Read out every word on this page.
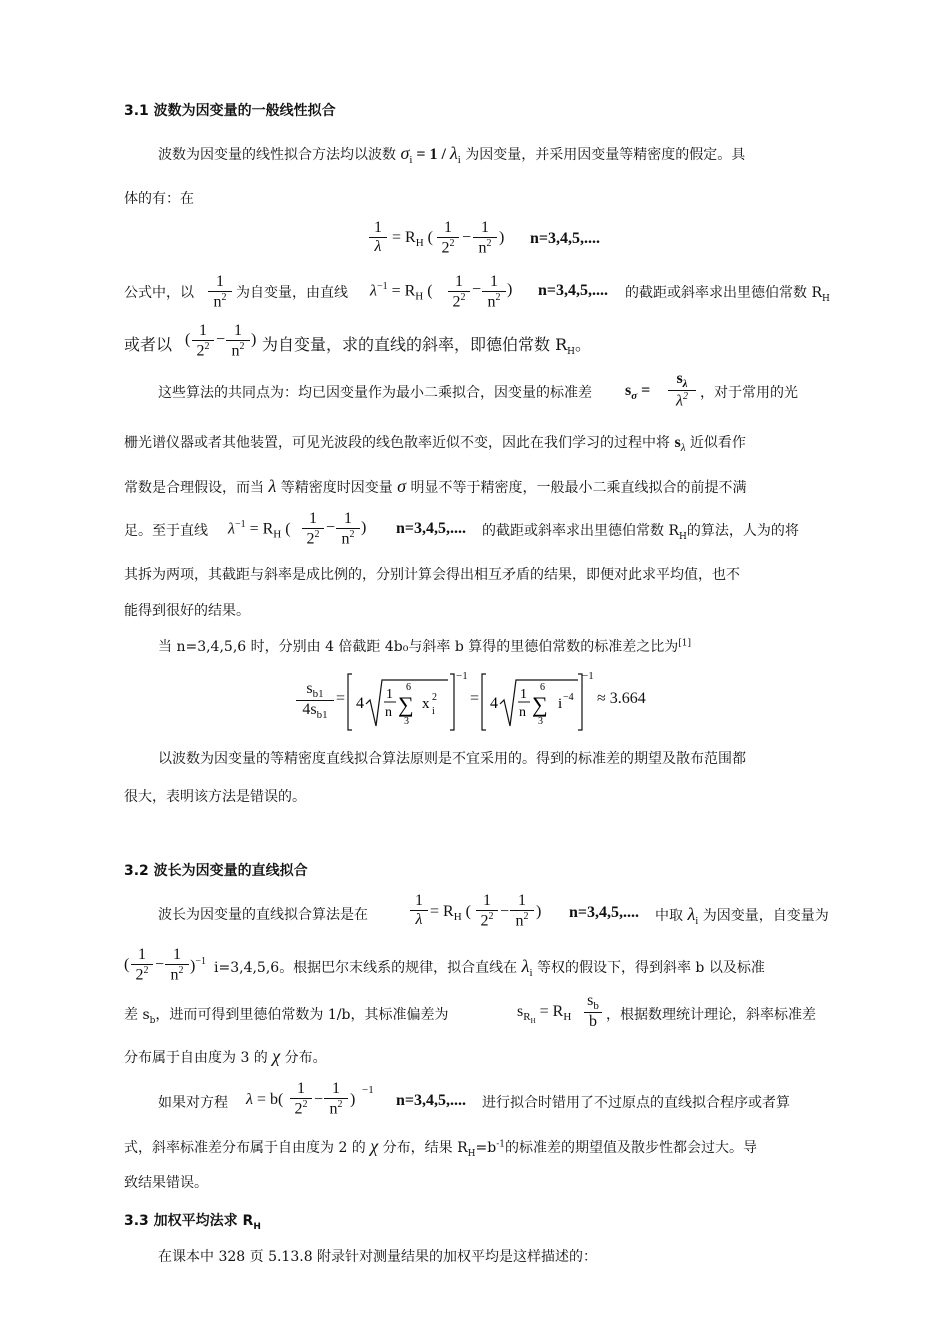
3.1 波数为因变量的一般线性拟合
波数为因变量的线性拟合方法均以波数 $\sigma_i = 1 / \lambda_i$ 为因变量，并采用因变量等精密度的假定。具
体的有：在
$\frac{1}{\lambda} = R_H$ ( $\frac{1}{2^2} - \frac{1}{n^2}$ ) n=3,4,5,....
公式中，以 $\frac{1}{n^2}$ 为自变量，由直线 $\lambda^{-1} = R_H$ ( $\frac{1}{2^2} - \frac{1}{n^2}$ ) n=3,4,5,.... 的截距或斜率求出里德伯常数 $R_H$
或者以 ( $\frac{1}{2^2} - \frac{1}{n^2}$ ) 为自变量，求的直线的斜率，即德伯常数 $R_H$。
这些算法的共同点为：均已因变量作为最小二乘拟合，因变量的标准差 $s_\sigma = \frac{s_\lambda}{\lambda^2}$ ，对于常用的光
栅光谱仪器或者其他装置，可见光波段的线色散率近似不变，因此在我们学习的过程中将 $s_\lambda$ 近似看作
常数是合理假设，而当 λ 等精密度时因变量 σ 明显不等于精密度，一般最小二乘直线拟合的前提不满
足。至于直线 $\lambda^{-1} = R_H$ ( $\frac{1}{2^2} - \frac{1}{n^2}$ ) n=3,4,5,.... 的截距或斜率求出里德伯常数 $R_H$的算法，人为的将
其拆为两项，其截距与斜率是成比例的，分别计算会得出相互矛盾的结果，即便对此求平均值，也不
能得到很好的结果。
当 n=3,4,5,6 时，分别由 4 倍截距 4b₀与斜率 b 算得的里德伯常数的标准差之比为[1]
$\frac{s_{b1}}{4s_{b1}} = 4$
1
n
6
∑
3
x 2
i
−1
= 4
1
n
6
∑
3
i −4
−1
≈ 3.664
以波数为因变量的等精密度直线拟合算法原则是不宜采用的。得到的标准差的期望及散布范围都
很大，表明该方法是错误的。
3.2 波长为因变量的直线拟合
波长为因变量的直线拟合算法是在	$\frac{1}{\lambda} = R_H$ ( $\frac{1}{2^2} - \frac{1}{n^2}$ ) n=3,4,5,.... 中取 $\lambda_i$ 为因变量，自变量为
( $\frac{1}{2^2} - \frac{1}{n^2} )^{-1}$ i=3,4,5,6。根据巴尔末线系的规律，拟合直线在 $\lambda_i$ 等权的假设下，得到斜率 b 以及标准
差 $s_b$，进而可得到里德伯常数为 1/b，其标准偏差为	$s_{R_H} = R_H \frac{s_b}{b}$ ，根据数理统计理论，斜率标准差
分布属于自由度为 3 的 χ 分布。
如果对方程 $\lambda = b( \frac{1}{2^2} - \frac{1}{n^2}$ )
−1
n=3,4,5,.... 进行拟合时错用了不过原点的直线拟合程序或者算
式，斜率标准差分布属于自由度为 2 的 χ 分布，结果 $R_H=b^{-1}$的标准差的期望值及散步性都会过大。导
致结果错误。
3.3 加权平均法求 $R_H$
在课本中 328 页 5.13.8 附录针对测量结果的加权平均是这样描述的：
